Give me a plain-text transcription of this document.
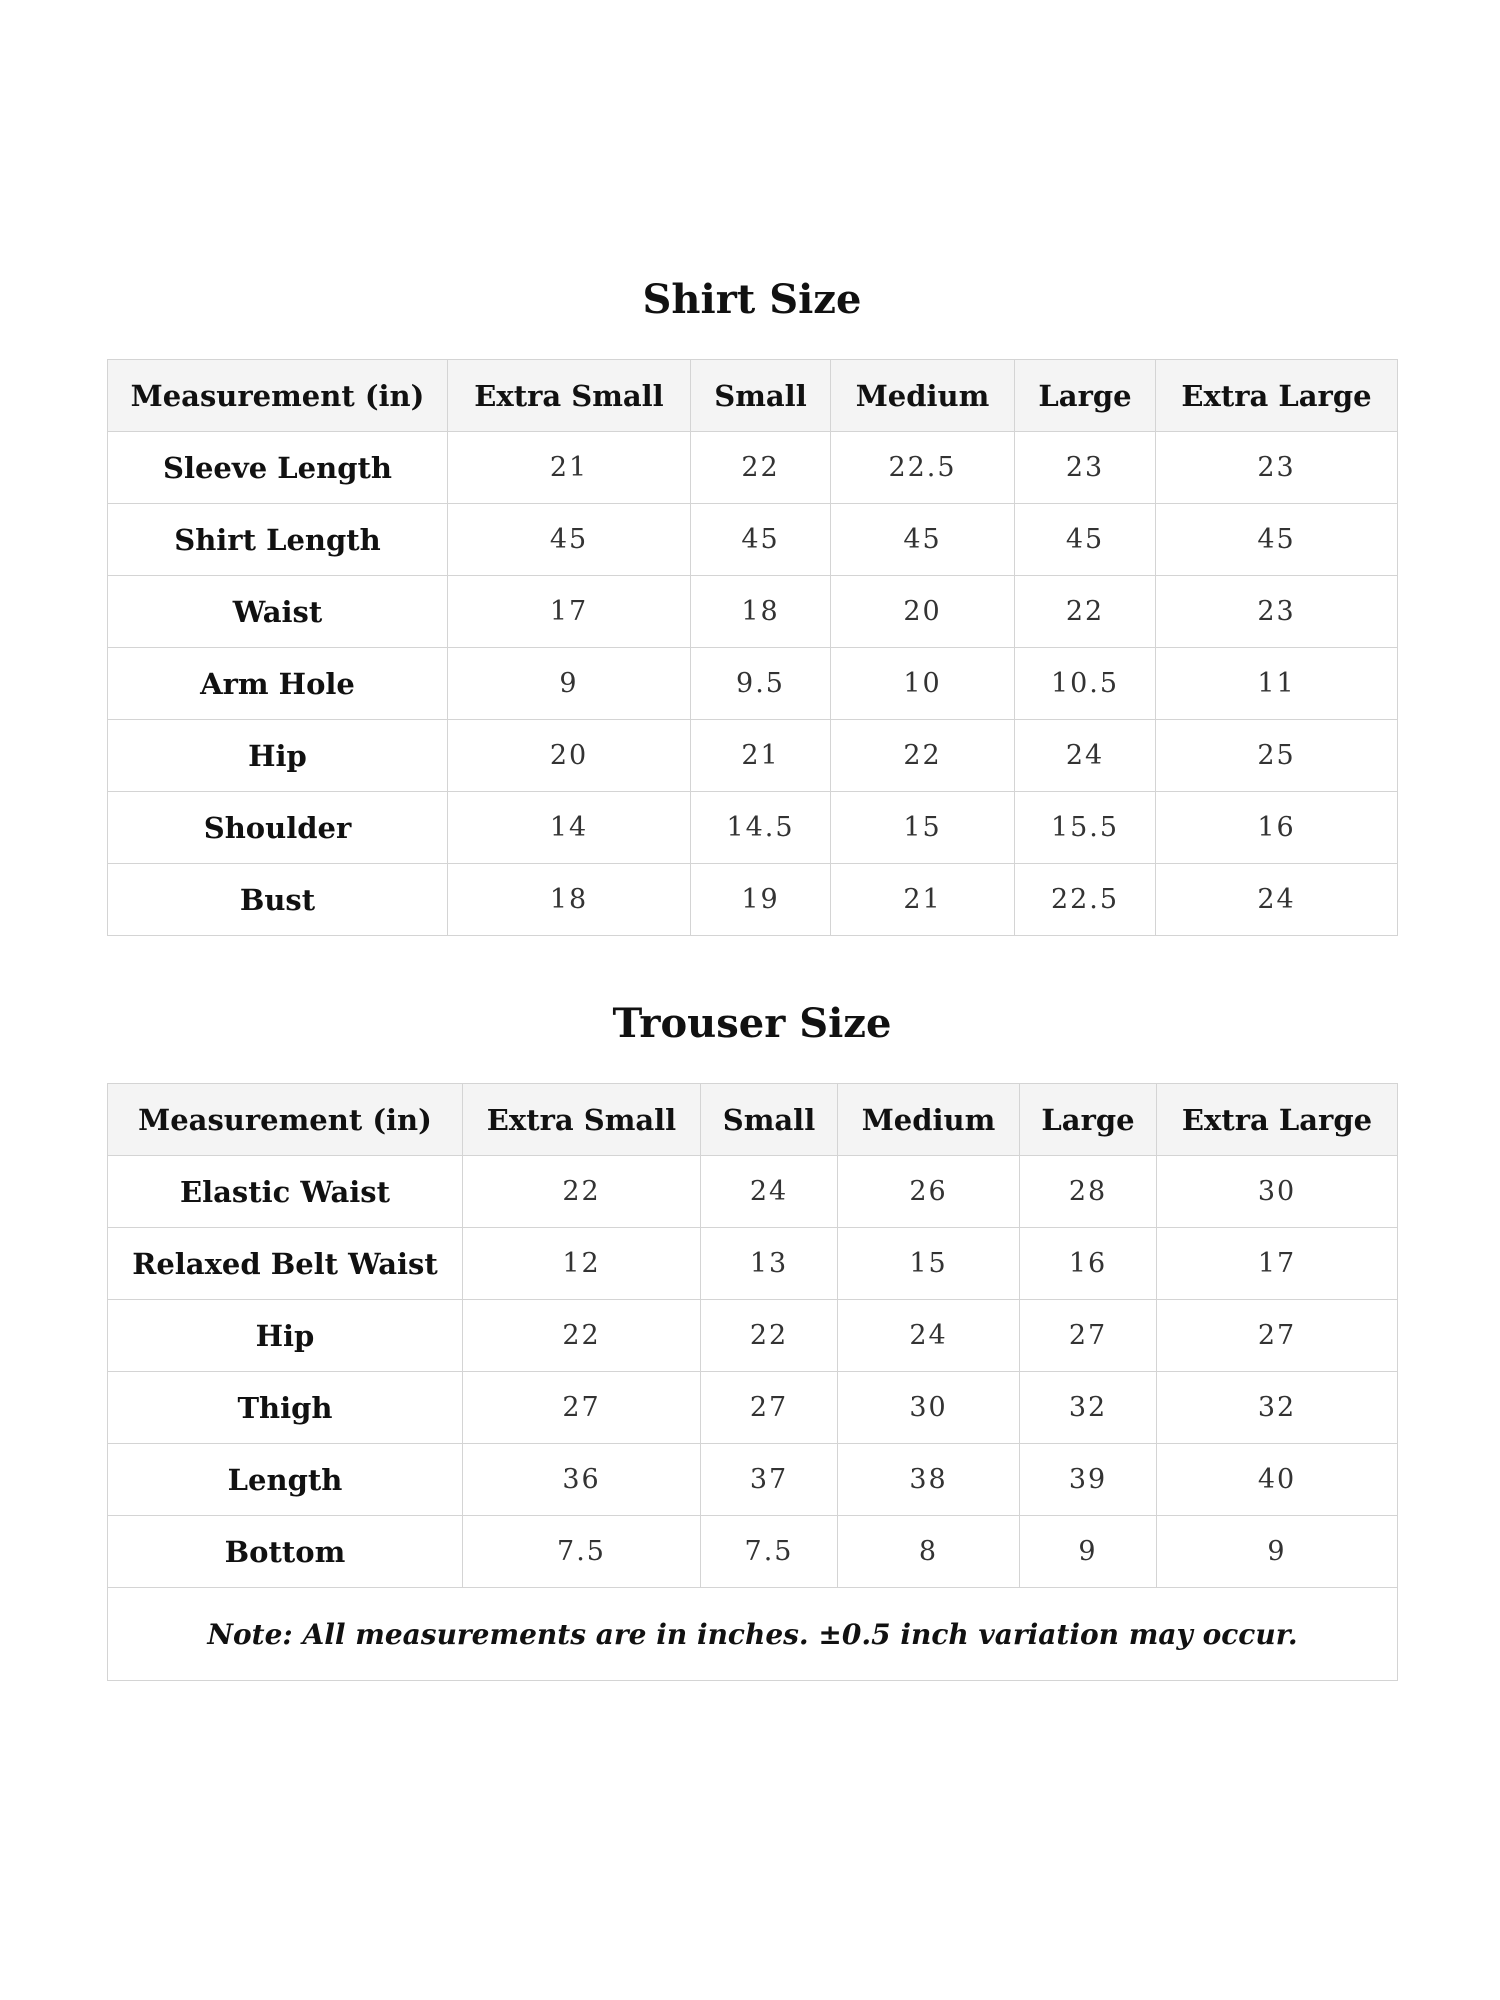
Shirt Size
Measurement (in)	Extra Small	Small	Medium	Large	Extra Large
Sleeve Length	21	22	22.5	23	23
Shirt Length	45	45	45	45	45
Waist	17	18	20	22	23
Arm Hole	9	9.5	10	10.5	11
Hip	20	21	22	24	25
Shoulder	14	14.5	15	15.5	16
Bust	18	19	21	22.5	24
Trouser Size
Measurement (in)	Extra Small	Small	Medium	Large	Extra Large
Elastic Waist	22	24	26	28	30
Relaxed Belt Waist	12	13	15	16	17
Hip	22	22	24	27	27
Thigh	27	27	30	32	32
Length	36	37	38	39	40
Bottom	7.5	7.5	8	9	9
Note: All measurements are in inches. ±0.5 inch variation may occur.					
